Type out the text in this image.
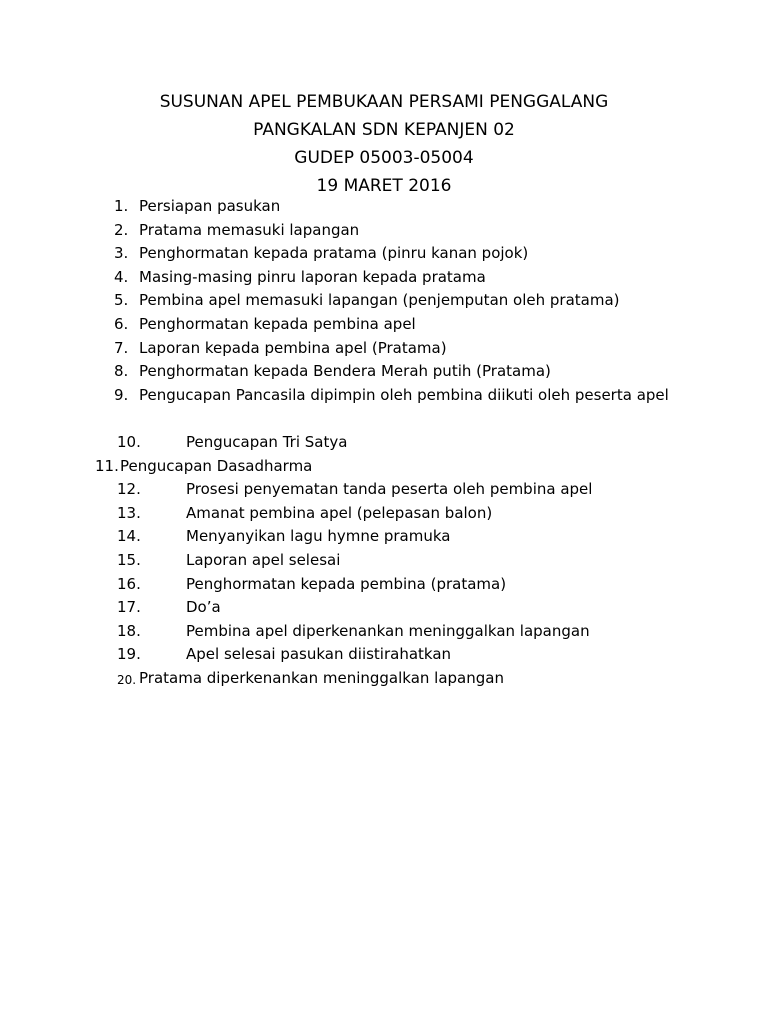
SUSUNAN APEL PEMBUKAAN PERSAMI PENGGALANG
PANGKALAN SDN KEPANJEN 02
GUDEP 05003-05004
19 MARET 2016
1. Persiapan pasukan
2. Pratama memasuki lapangan
3. Penghormatan kepada pratama (pinru kanan pojok)
4. Masing-masing pinru laporan kepada pratama
5. Pembina apel memasuki lapangan (penjemputan oleh pratama)
6. Penghormatan kepada pembina apel
7. Laporan kepada pembina apel (Pratama)
8. Penghormatan kepada Bendera Merah putih (Pratama)
9. Pengucapan Pancasila dipimpin oleh pembina diikuti oleh peserta apel
10.	Pengucapan Tri Satya
11. Pengucapan Dasadharma
12.	Prosesi penyematan tanda peserta oleh pembina apel
13.	Amanat pembina apel (pelepasan balon)
14.	Menyanyikan lagu hymne pramuka
15.	Laporan apel selesai
16.	Penghormatan kepada pembina (pratama)
17.	Do’a
18.	Pembina apel diperkenankan meninggalkan lapangan
19.	Apel selesai pasukan diistirahatkan
20. Pratama diperkenankan meninggalkan lapangan
